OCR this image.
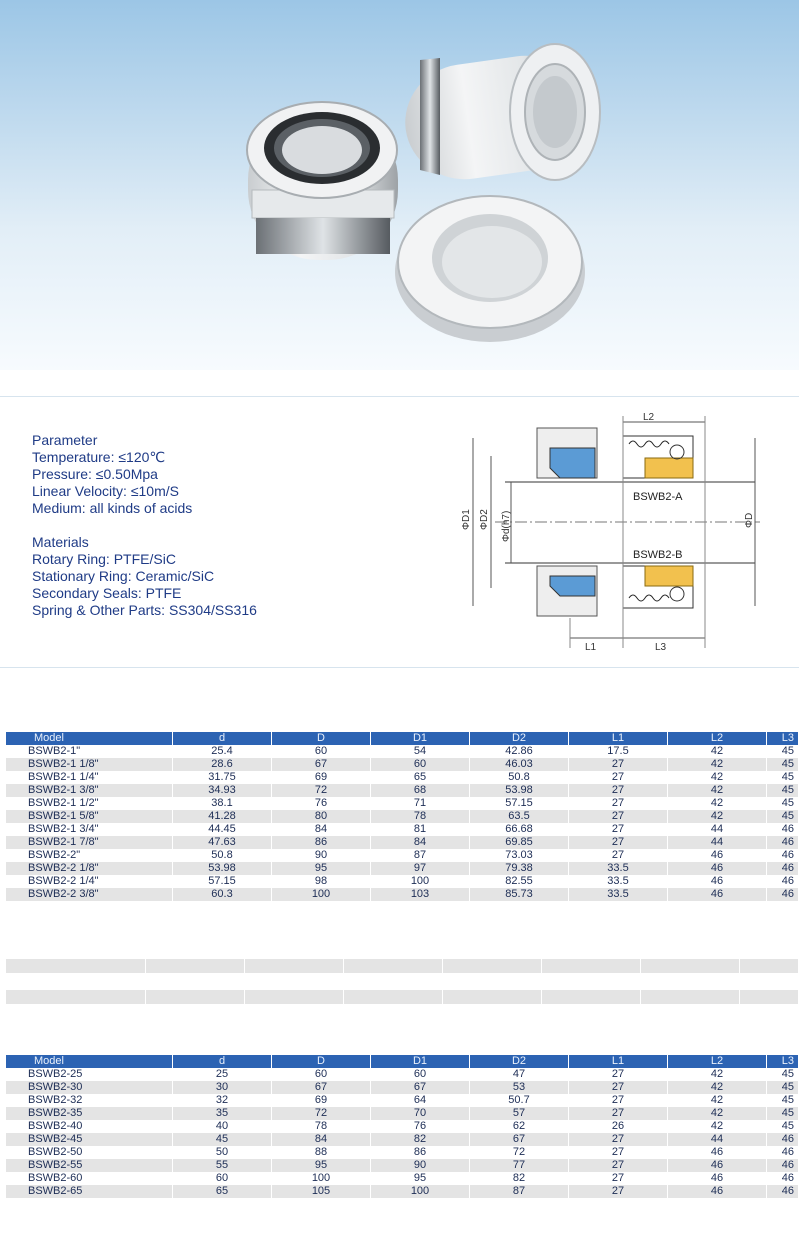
Parameter
Temperature: ≤120℃
Pressure: ≤0.50Mpa
Linear Velocity: ≤10m/S
Medium: all kinds of acids
Materials
Rotary Ring: PTFE/SiC
Stationary Ring: Ceramic/SiC
Secondary Seals: PTFE
Spring & Other Parts: SS304/SS316
L2
L1	L3
BSWB2-A
BSWB2-B
ΦD1 ΦD2 Φd(h7)	ΦD
Model	d	D	D1	D2	L1	L2	L3
BSWB2-1"	25.4	60	54	42.86	17.5	42	45
BSWB2-1 1/8"	28.6	67	60	46.03	27	42	45
BSWB2-1 1/4"	31.75	69	65	50.8	27	42	45
BSWB2-1 3/8"	34.93	72	68	53.98	27	42	45
BSWB2-1 1/2"	38.1	76	71	57.15	27	42	45
BSWB2-1 5/8"	41.28	80	78	63.5	27	42	45
BSWB2-1 3/4"	44.45	84	81	66.68	27	44	46
BSWB2-1 7/8"	47.63	86	84	69.85	27	44	46
BSWB2-2"	50.8	90	87	73.03	27	46	46
BSWB2-2 1/8"	53.98	95	97	79.38	33.5	46	46
BSWB2-2 1/4"	57.15	98	100	82.55	33.5	46	46
BSWB2-2 3/8"	60.3	100	103	85.73	33.5	46	46
Model	d	D	D1	D2	L1	L2	L3
BSWB2-25	25	60	60	47	27	42	45
BSWB2-30	30	67	67	53	27	42	45
BSWB2-32	32	69	64	50.7	27	42	45
BSWB2-35	35	72	70	57	27	42	45
BSWB2-40	40	78	76	62	26	42	45
BSWB2-45	45	84	82	67	27	44	46
BSWB2-50	50	88	86	72	27	46	46
BSWB2-55	55	95	90	77	27	46	46
BSWB2-60	60	100	95	82	27	46	46
BSWB2-65	65	105	100	87	27	46	46
